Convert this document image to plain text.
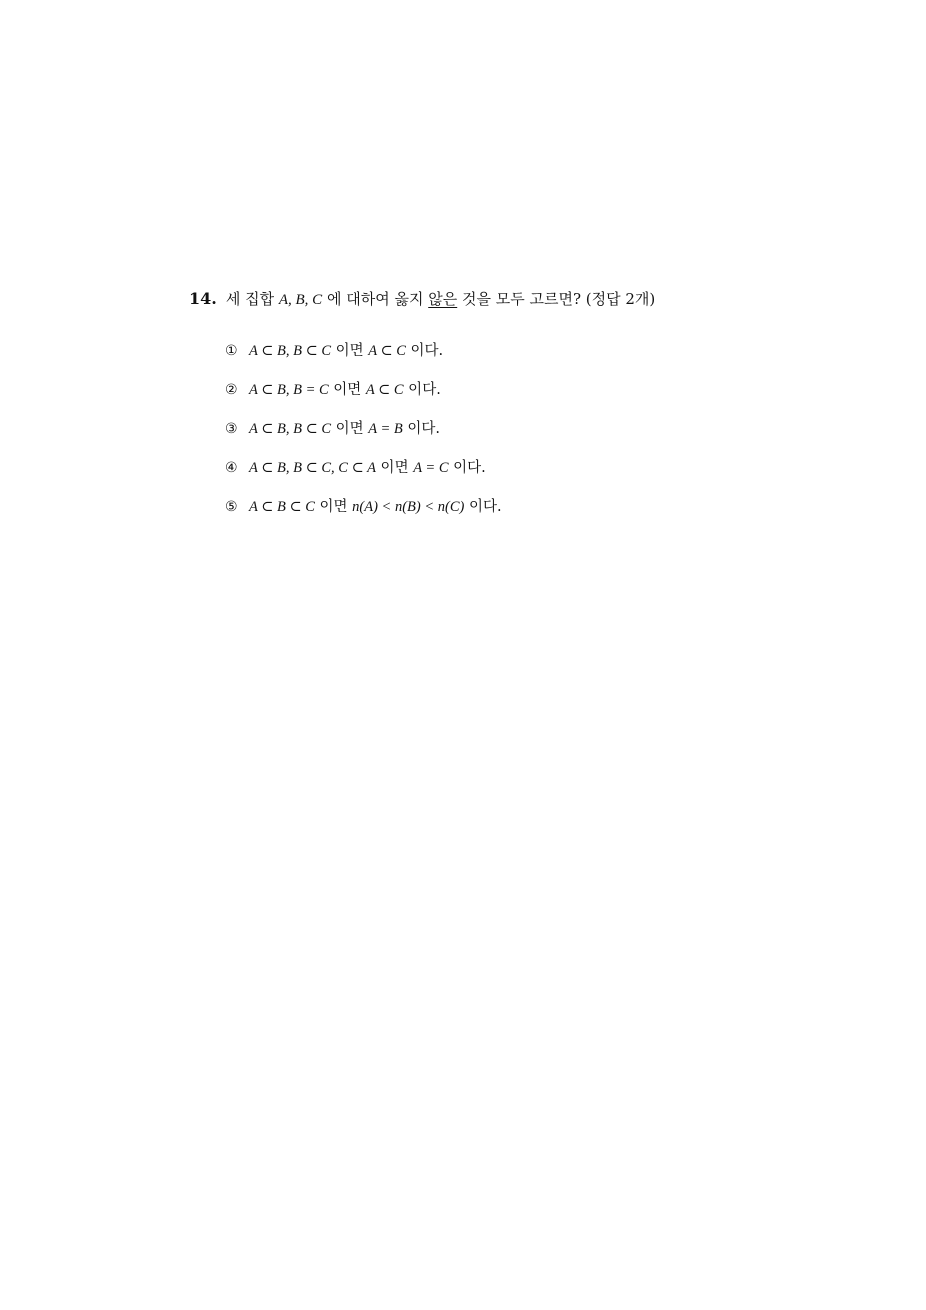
14. 세 집합 A, B, C 에 대하여 옳지 않은 것을 모두 고르면? (정답 2개)
① A ⊂ B, B ⊂ C 이면 A ⊂ C 이다.
② A ⊂ B, B = C 이면 A ⊂ C 이다.
③ A ⊂ B, B ⊂ C 이면 A = B 이다.
④ A ⊂ B, B ⊂ C, C ⊂ A 이면 A = C 이다.
⑤ A ⊂ B ⊂ C 이면 n(A) < n(B) < n(C) 이다.
